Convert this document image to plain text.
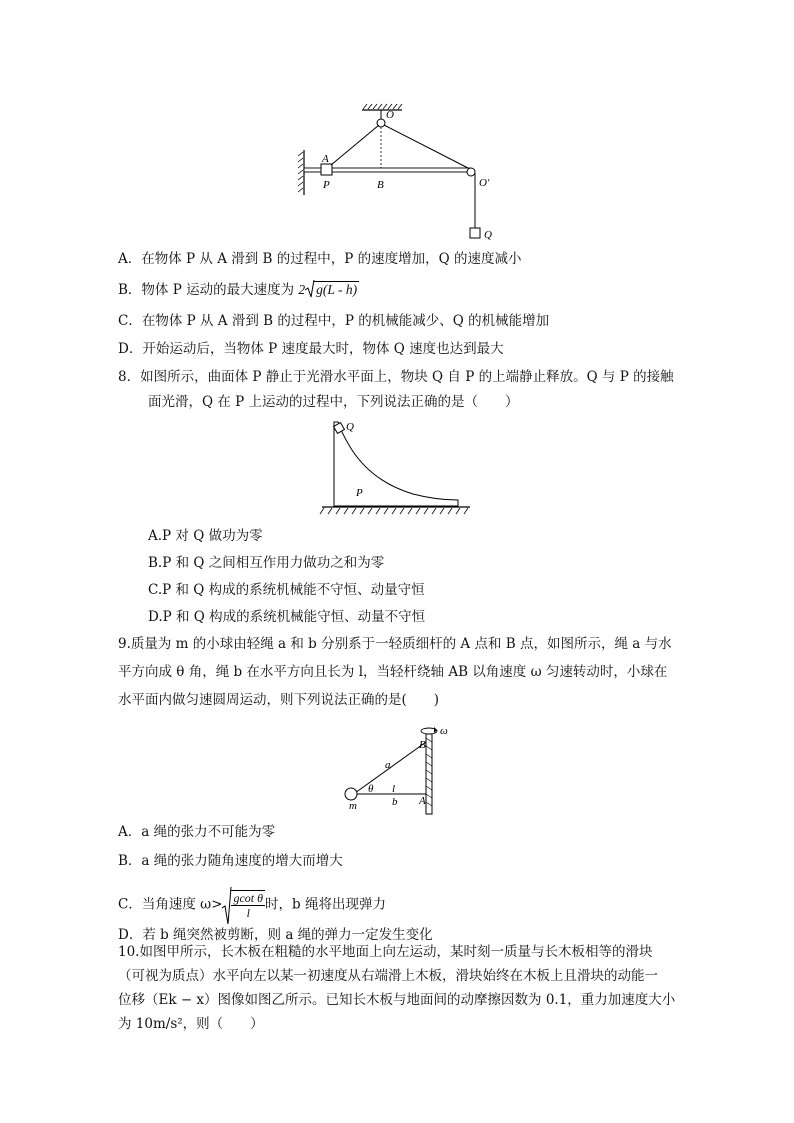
O
A
P	B	O′
Q
A．在物体 P 从 A 滑到 B 的过程中，P 的速度增加，Q 的速度减小
B．物体 P 运动的最大速度为 2 g(L - h)
C．在物体 P 从 A 滑到 B 的过程中，P 的机械能减少、Q 的机械能增加
D．开始运动后，当物体 P 速度最大时，物体 Q 速度也达到最大
8．如图所示，曲面体 P 静止于光滑水平面上，物块 Q 自 P 的上端静止释放。Q 与 P 的接触
面光滑，Q 在 P 上运动的过程中，下列说法正确的是（　　）
Q
P
A.P 对 Q 做功为零
B.P 和 Q 之间相互作用力做功之和为零
C.P 和 Q 构成的系统机械能不守恒、动量守恒
D.P 和 Q 构成的系统机械能守恒、动量不守恒
9.质量为 m 的小球由轻绳 a 和 b 分别系于一轻质细杆的 A 点和 B 点，如图所示，绳 a 与水
平方向成 θ 角，绳 b 在水平方向且长为 l，当轻杆绕轴 AB 以角速度 ω 匀速转动时，小球在
水平面内做匀速圆周运动，则下列说法正确的是(　　)
ω
B
a
θ l
b A
m
A．a 绳的张力不可能为零
B．a 绳的张力随角速度的增大而增大
C．当角速度 $\omega> \frac{\text{gcot θ}}{l}$ 时，b 绳将出现弹力
D．若 b 绳突然被剪断，则 a 绳的弹力一定发生变化
10.如图甲所示，长木板在粗糙的水平地面上向左运动，某时刻一质量与长木板相等的滑块
（可视为质点）水平向左以某一初速度从右端滑上木板，滑块始终在木板上且滑块的动能一
位移（Ek − x）图像如图乙所示。已知长木板与地面间的动摩擦因数为 0.1，重力加速度大小
为 10m/s²，则（　　）
